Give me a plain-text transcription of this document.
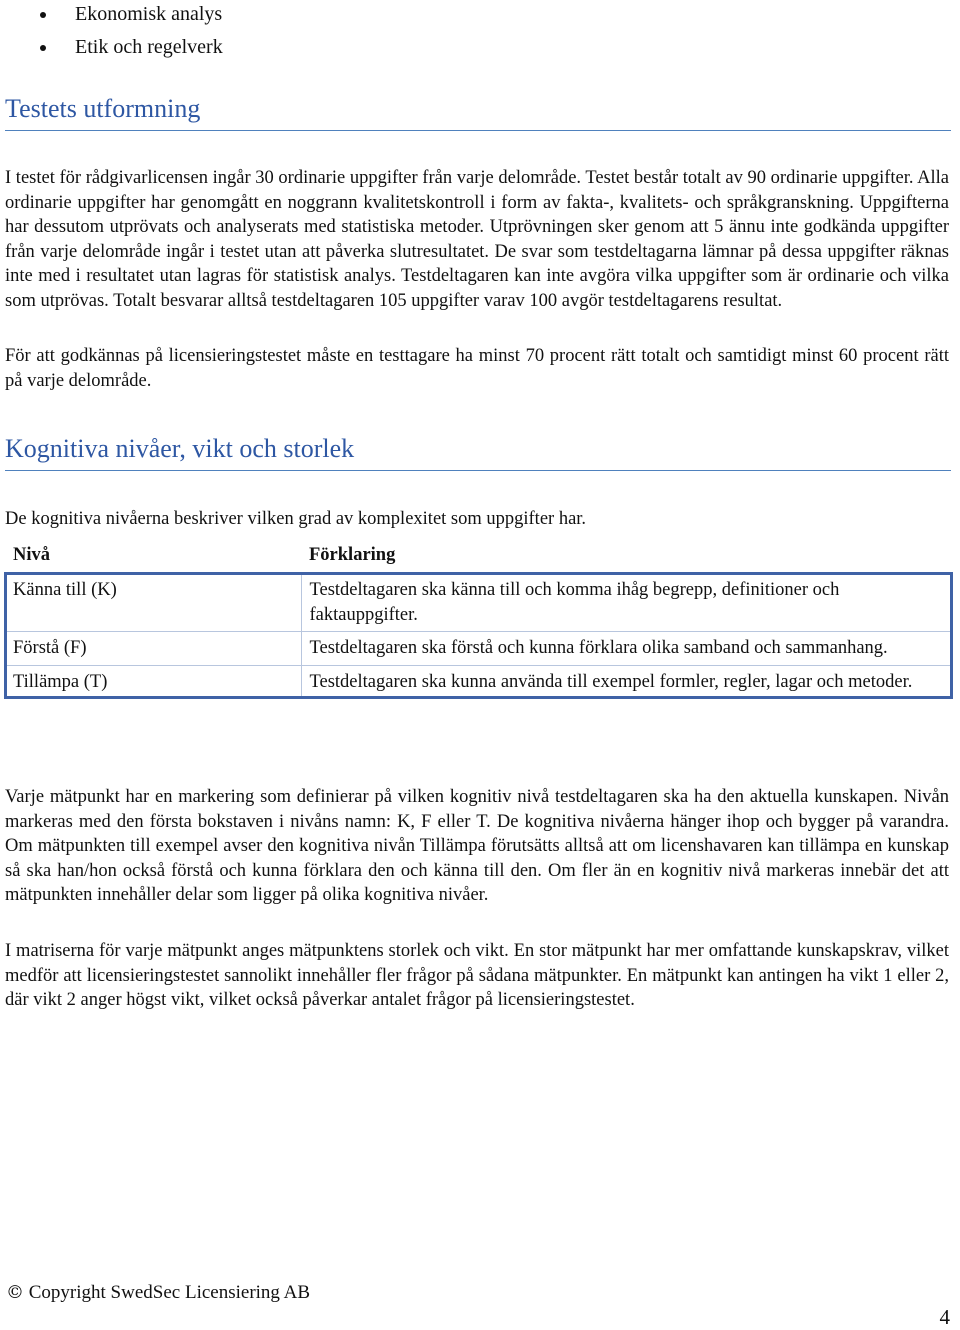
Ekonomisk analys
Etik och regelverk
Testets utformning

I testet för rådgivarlicensen ingår 30 ordinarie uppgifter från varje delområde. Testet består totalt av 90 ordinarie uppgifter. Alla ordinarie uppgifter har genomgått en noggrann kvalitetskontroll i form av fakta-, kvalitets- och språkgranskning. Uppgifterna har dessutom utprövats och analyserats med statistiska metoder. Utprövningen sker genom att 5 ännu inte godkända uppgifter från varje delområde ingår i testet utan att påverka slutresultatet. De svar som testdeltagarna lämnar på dessa uppgifter räknas inte med i resultatet utan lagras för statistisk analys. Testdeltagaren kan inte avgöra vilka uppgifter som är ordinarie och vilka som utprövas. Totalt besvarar alltså testdeltagaren 105 uppgifter varav 100 avgör testdeltagarens resultat.

För att godkännas på licensieringstestet måste en testtagare ha minst 70 procent rätt totalt och samtidigt minst 60 procent rätt på varje delområde.

Kognitiva nivåer, vikt och storlek

De kognitiva nivåerna beskriver vilken grad av komplexitet som uppgifter har.

Nivå	Förklaring
Känna till (K)	Testdeltagaren ska känna till och komma ihåg begrepp, definitioner och faktauppgifter.
Förstå (F)	Testdeltagaren ska förstå och kunna förklara olika samband och sammanhang.
Tillämpa (T)	Testdeltagaren ska kunna använda till exempel formler, regler, lagar och metoder.

Varje mätpunkt har en markering som definierar på vilken kognitiv nivå testdeltagaren ska ha den aktuella kunskapen. Nivån markeras med den första bokstaven i nivåns namn: K, F eller T. De kognitiva nivåerna hänger ihop och bygger på varandra. Om mätpunkten till exempel avser den kognitiva nivån Tillämpa förutsätts alltså att om licenshavaren kan tillämpa en kunskap så ska han/hon också förstå och kunna förklara den och känna till den. Om fler än en kognitiv nivå markeras innebär det att mätpunkten innehåller delar som ligger på olika kognitiva nivåer.

I matriserna för varje mätpunkt anges mätpunktens storlek och vikt. En stor mätpunkt har mer omfattande kunskapskrav, vilket medför att licensieringstestet sannolikt innehåller fler frågor på sådana mätpunkter. En mätpunkt kan antingen ha vikt 1 eller 2, där vikt 2 anger högst vikt, vilket också påverkar antalet frågor på licensieringstestet.

© Copyright SwedSec Licensiering AB
4
